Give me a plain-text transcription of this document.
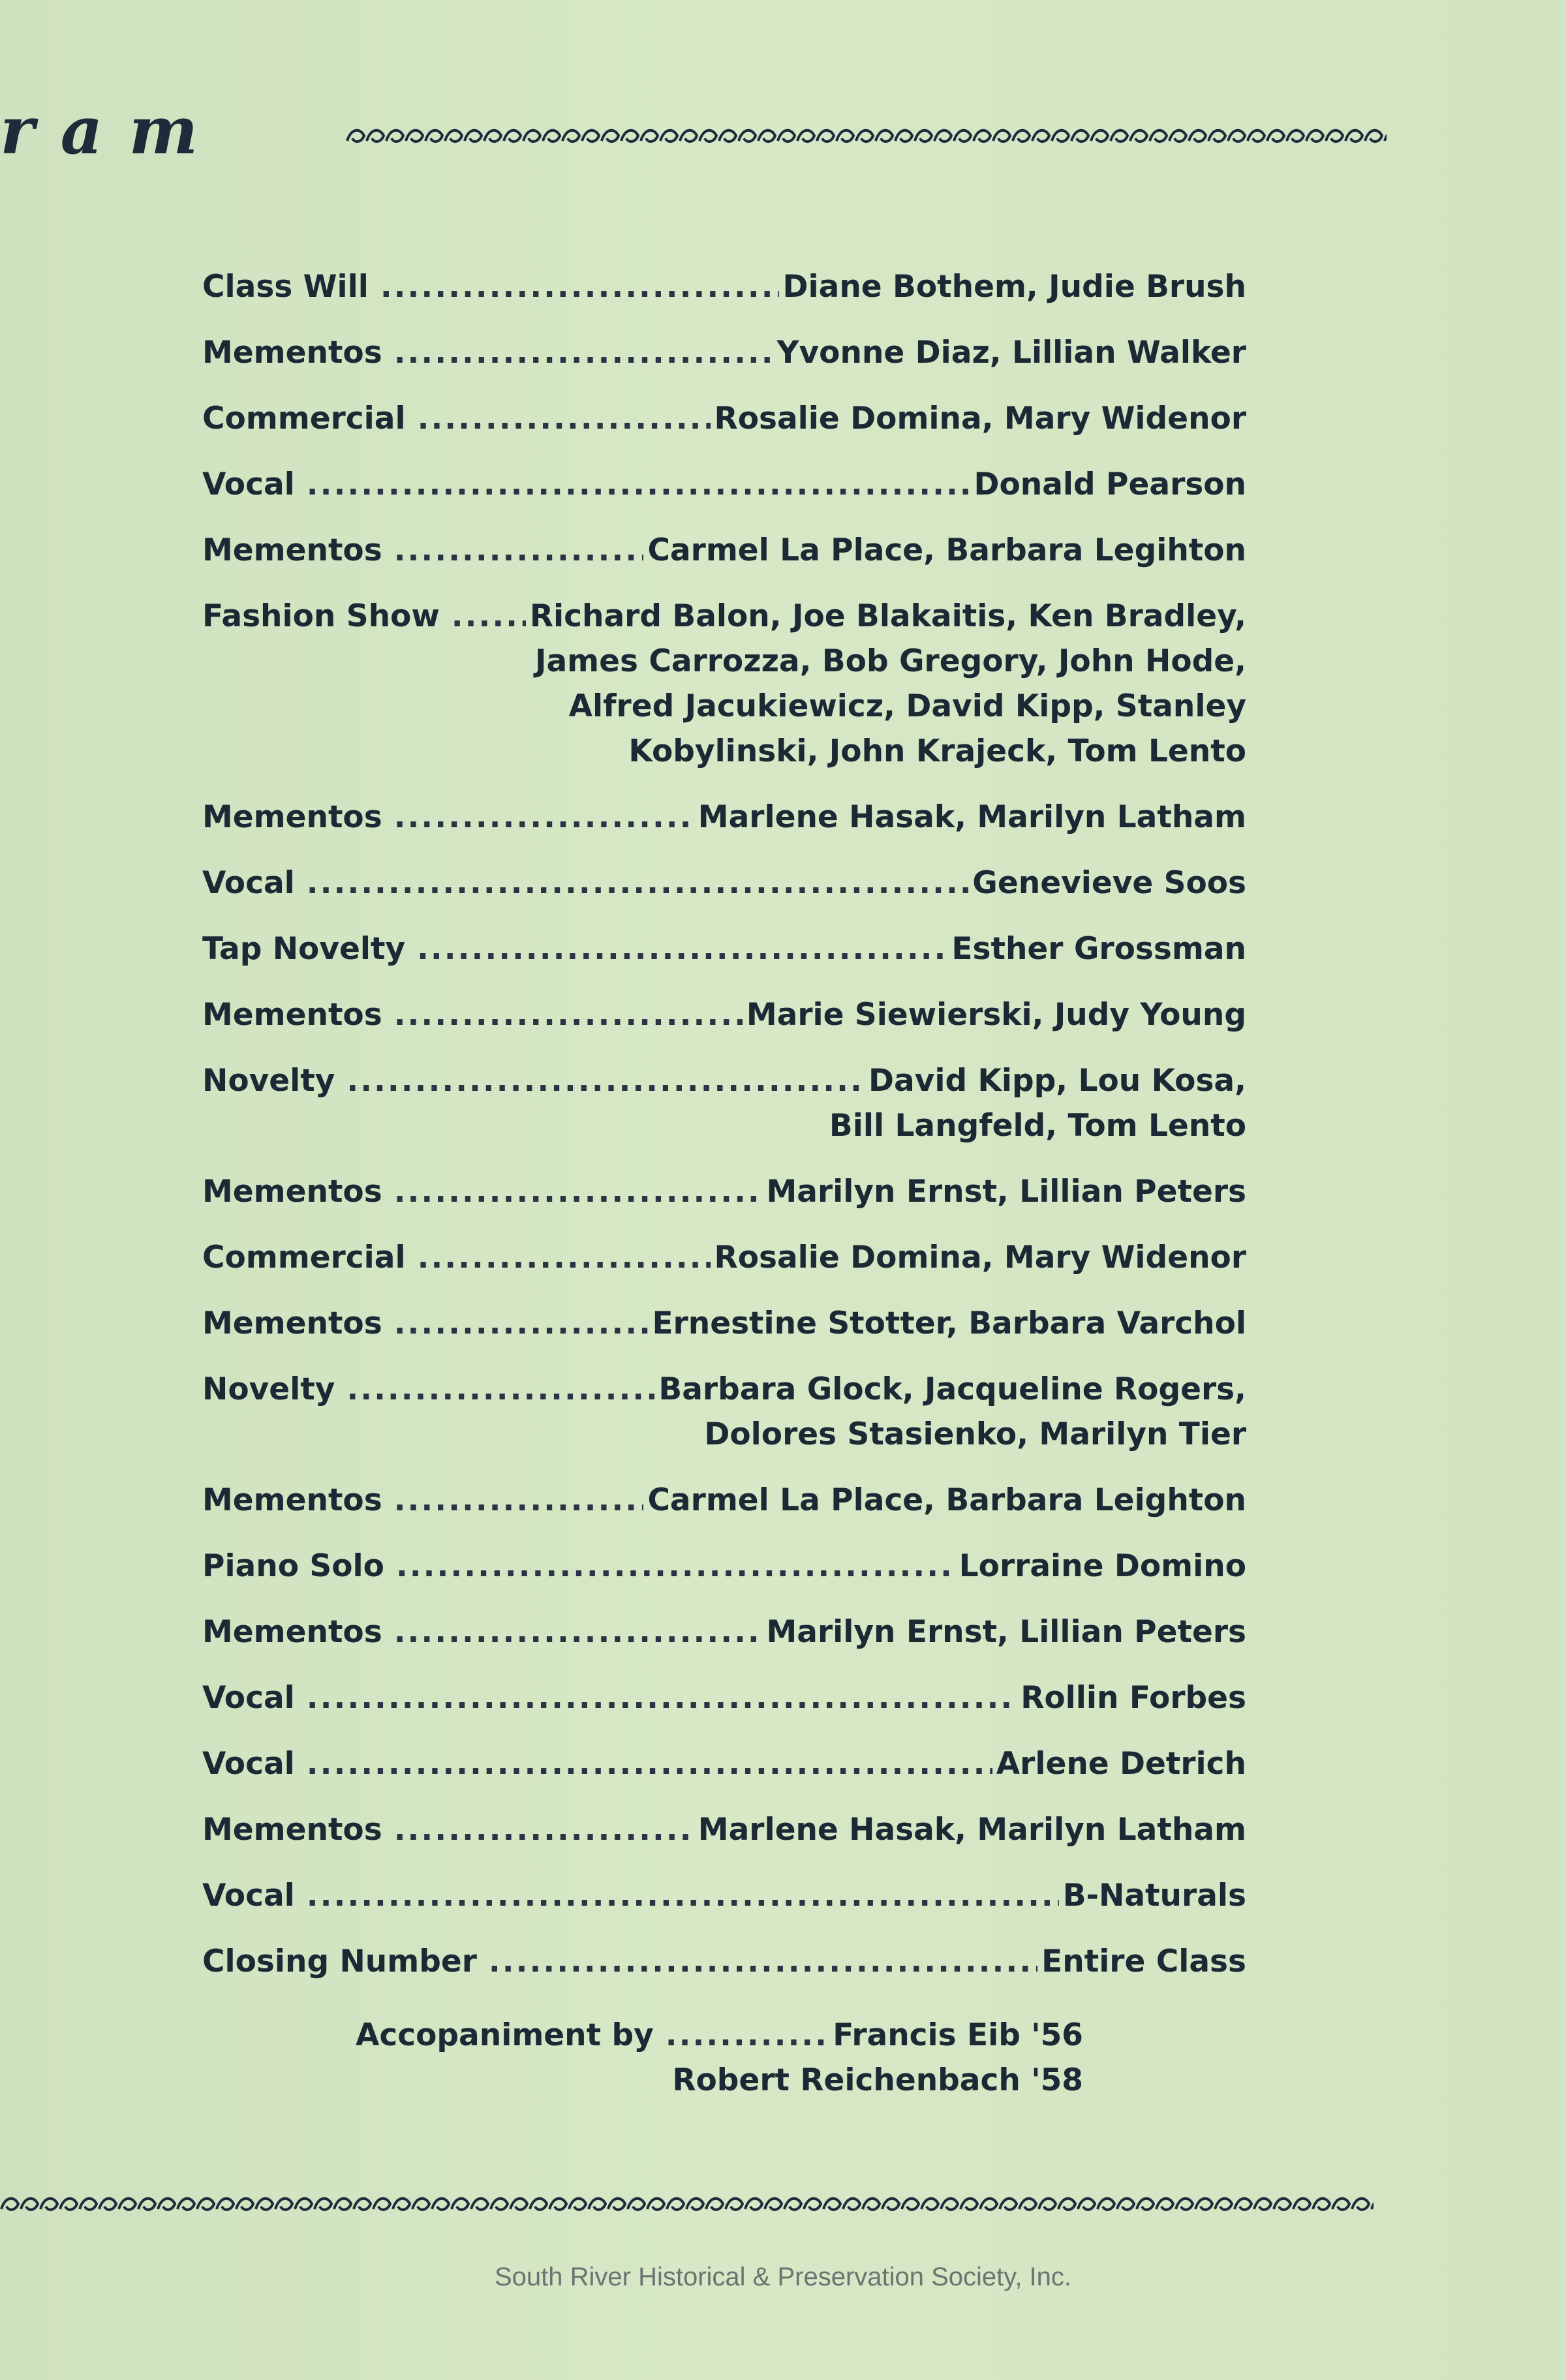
ram
Class Will .....	Diane Bothem, Judie Brush
Mementos .....	Yvonne Diaz, Lillian Walker
Commercial .....	Rosalie Domina, Mary Widenor
Vocal .....	Donald Pearson
Mementos .....	Carmel La Place, Barbara Legihton
Fashion Show .....	Richard Balon, Joe Blakaitis, Ken Bradley,
James Carrozza, Bob Gregory, John Hode,
Alfred Jacukiewicz, David Kipp, Stanley
Kobylinski, John Krajeck, Tom Lento
Mementos .....	Marlene Hasak, Marilyn Latham
Vocal .....	Genevieve Soos
Tap Novelty .....	Esther Grossman
Mementos .....	Marie Siewierski, Judy Young
Novelty .....	David Kipp, Lou Kosa,
Bill Langfeld, Tom Lento
Mementos .....	Marilyn Ernst, Lillian Peters
Commercial .....	Rosalie Domina, Mary Widenor
Mementos .....	Ernestine Stotter, Barbara Varchol
Novelty .....	Barbara Glock, Jacqueline Rogers,
Dolores Stasienko, Marilyn Tier
Mementos .....	Carmel La Place, Barbara Leighton
Piano Solo .....	Lorraine Domino
Mementos .....	Marilyn Ernst, Lillian Peters
Vocal .....	Rollin Forbes
Vocal .....	Arlene Detrich
Mementos .....	Marlene Hasak, Marilyn Latham
Vocal .....	B-Naturals
Closing Number .....	Entire Class
Accopaniment by .....	Francis Eib '56
Robert Reichenbach '58
South River Historical & Preservation Society, Inc.
